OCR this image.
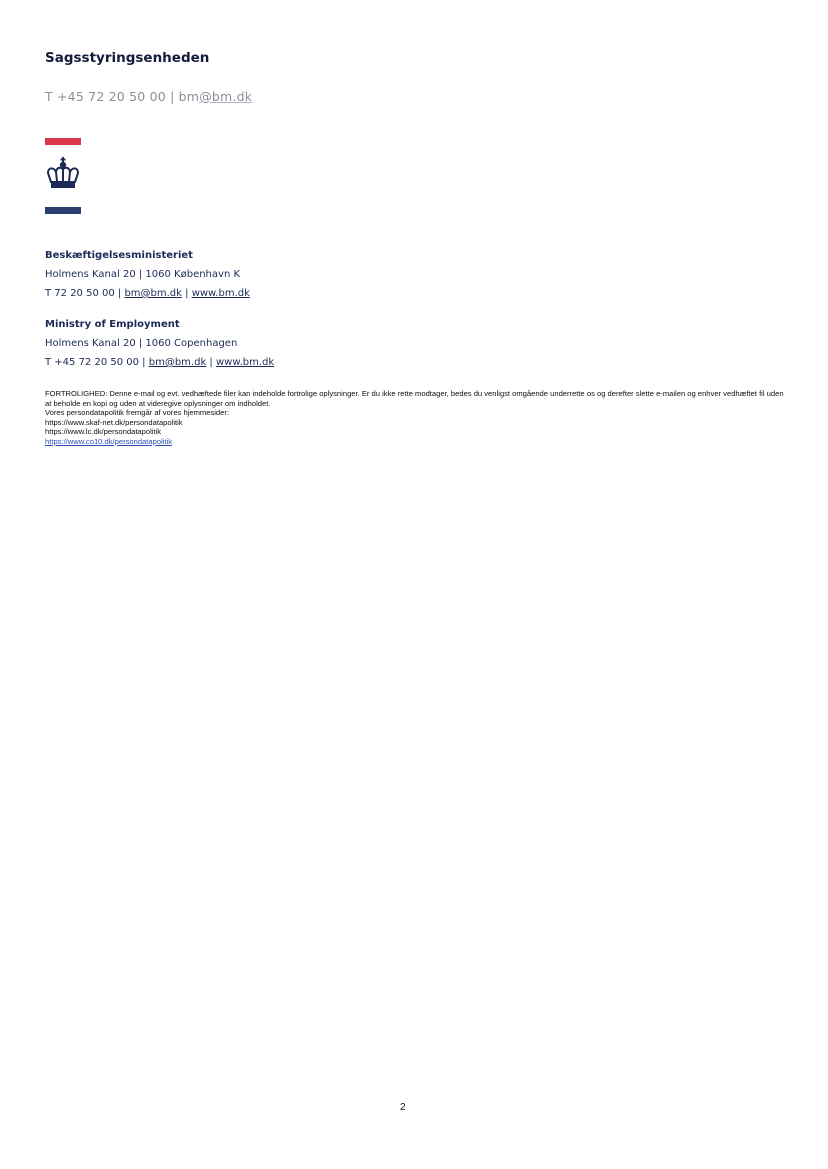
Sagsstyringsenheden
T +45 72 20 50 00 | bm@bm.dk
Beskæftigelsesministeriet
Holmens Kanal 20 | 1060 København K
T 72 20 50 00 | bm@bm.dk | www.bm.dk
Ministry of Employment
Holmens Kanal 20 | 1060 Copenhagen
T +45 72 20 50 00 | bm@bm.dk | www.bm.dk
FORTROLIGHED: Denne e-mail og evt. vedhæftede filer kan indeholde fortrolige oplysninger. Er du ikke rette modtager, bedes du venligst omgående underrette os og derefter slette e-mailen og enhver vedhæftet fil uden at beholde en kopi og uden at videregive oplysninger om indholdet.
Vores persondatapolitik fremgår af vores hjemmesider:
https://www.skaf-net.dk/persondatapolitik
https://www.lc.dk/persondatapolitik
https://www.co10.dk/persondatapolitik
2
